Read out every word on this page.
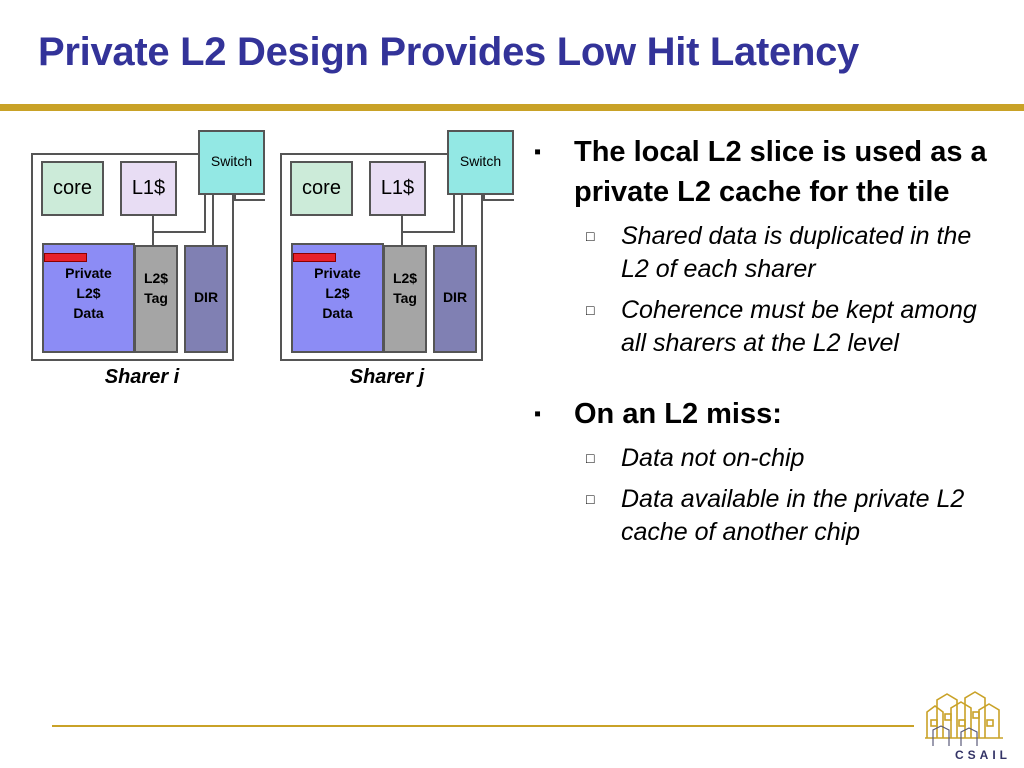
Private L2 Design Provides Low Hit Latency
core	L1$
Switch
Private
L2$
Data
L2$
Tag	DIR
Sharer i
core	L1$
Switch
Private
L2$
Data
L2$
Tag	DIR
Sharer j
▪ The local L2 slice is used as a private L2 cache for the tile
□ Shared data is duplicated in the L2 of each sharer
□ Coherence must be kept among all sharers at the L2 level
▪ On an L2 miss:
□ Data not on-chip
□ Data available in the private L2 cache of another chip
CSAIL
